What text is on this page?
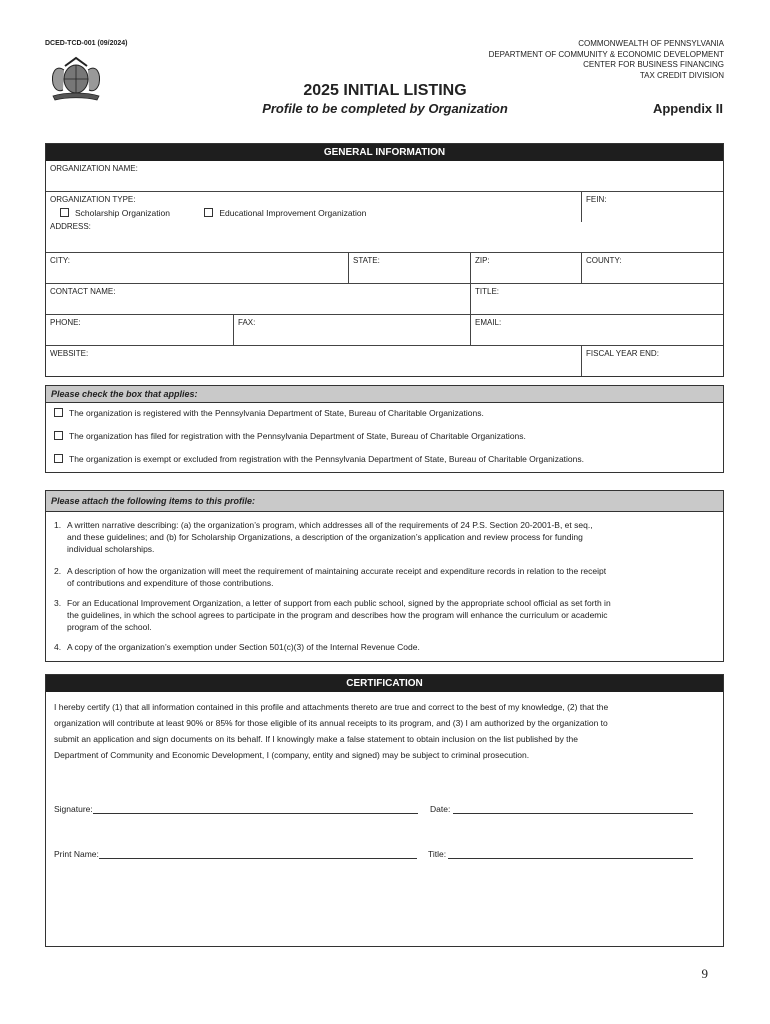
DCED-TCD-001 (09/2024)	COMMONWEALTH OF PENNSYLVANIA
DEPARTMENT OF COMMUNITY & ECONOMIC DEVELOPMENT
CENTER FOR BUSINESS FINANCING
TAX CREDIT DIVISION
2025 INITIAL LISTING
Profile to be completed by Organization	Appendix II
GENERAL INFORMATION
ORGANIZATION NAME:
ORGANIZATION TYPE:
Scholarship Organization	Educational Improvement Organization
FEIN:
ADDRESS:
CITY:	STATE:	ZIP:	COUNTY:
CONTACT NAME:	TITLE:
PHONE:	FAX:	EMAIL:
WEBSITE:	FISCAL YEAR END:
Please check the box that applies:
The organization is registered with the Pennsylvania Department of State, Bureau of Charitable Organizations.
The organization has filed for registration with the Pennsylvania Department of State, Bureau of Charitable Organizations.
The organization is exempt or excluded from registration with the Pennsylvania Department of State, Bureau of Charitable Organizations.
Please attach the following items to this profile:
1. A written narrative describing: (a) the organization’s program, which addresses all of the requirements of 24 P.S. Section 20-2001-B, et seq.,
and these guidelines; and (b) for Scholarship Organizations, a description of the organization’s application and review process for funding
individual scholarships.
2. A description of how the organization will meet the requirement of maintaining accurate receipt and expenditure records in relation to the receipt
of contributions and expenditure of those contributions.
3. For an Educational Improvement Organization, a letter of support from each public school, signed by the appropriate school official as set forth in
the guidelines, in which the school agrees to participate in the program and describes how the program will enhance the curriculum or academic
program of the school.
4. A copy of the organization’s exemption under Section 501(c)(3) of the Internal Revenue Code.
CERTIFICATION
I hereby certify (1) that all information contained in this profile and attachments thereto are true and correct to the best of my knowledge, (2) that the
organization will contribute at least 90% or 85% for those eligible of its annual receipts to its program, and (3) I am authorized by the organization to
submit an application and sign documents on its behalf. If I knowingly make a false statement to obtain inclusion on the list published by the
Department of Community and Economic Development, I (company, entity and signed) may be subject to criminal prosecution.
Signature:	Date:
Print Name:	Title:
9
